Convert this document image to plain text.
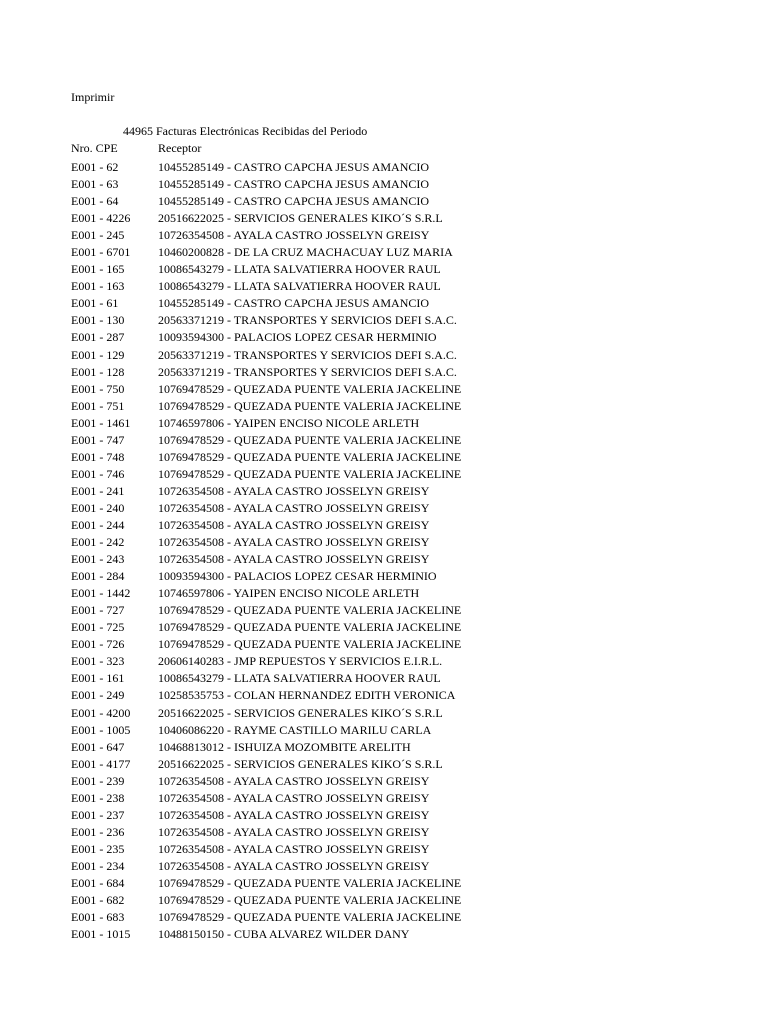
Imprimir
44965 Facturas Electrónicas Recibidas del Periodo
Nro. CPE	Receptor
E001 - 62	10455285149 - CASTRO CAPCHA JESUS AMANCIO
E001 - 63	10455285149 - CASTRO CAPCHA JESUS AMANCIO
E001 - 64	10455285149 - CASTRO CAPCHA JESUS AMANCIO
E001 - 4226 20516622025 - SERVICIOS GENERALES KIKO´S S.R.L
E001 - 245	10726354508 - AYALA CASTRO JOSSELYN GREISY
E001 - 6701 10460200828 - DE LA CRUZ MACHACUAY LUZ MARIA
E001 - 165	10086543279 - LLATA SALVATIERRA HOOVER RAUL
E001 - 163	10086543279 - LLATA SALVATIERRA HOOVER RAUL
E001 - 61	10455285149 - CASTRO CAPCHA JESUS AMANCIO
E001 - 130	20563371219 - TRANSPORTES Y SERVICIOS DEFI S.A.C.
E001 - 287	10093594300 - PALACIOS LOPEZ CESAR HERMINIO
E001 - 129	20563371219 - TRANSPORTES Y SERVICIOS DEFI S.A.C.
E001 - 128	20563371219 - TRANSPORTES Y SERVICIOS DEFI S.A.C.
E001 - 750	10769478529 - QUEZADA PUENTE VALERIA JACKELINE
E001 - 751	10769478529 - QUEZADA PUENTE VALERIA JACKELINE
E001 - 1461 10746597806 - YAIPEN ENCISO NICOLE ARLETH
E001 - 747	10769478529 - QUEZADA PUENTE VALERIA JACKELINE
E001 - 748	10769478529 - QUEZADA PUENTE VALERIA JACKELINE
E001 - 746	10769478529 - QUEZADA PUENTE VALERIA JACKELINE
E001 - 241	10726354508 - AYALA CASTRO JOSSELYN GREISY
E001 - 240	10726354508 - AYALA CASTRO JOSSELYN GREISY
E001 - 244	10726354508 - AYALA CASTRO JOSSELYN GREISY
E001 - 242	10726354508 - AYALA CASTRO JOSSELYN GREISY
E001 - 243	10726354508 - AYALA CASTRO JOSSELYN GREISY
E001 - 284	10093594300 - PALACIOS LOPEZ CESAR HERMINIO
E001 - 1442 10746597806 - YAIPEN ENCISO NICOLE ARLETH
E001 - 727	10769478529 - QUEZADA PUENTE VALERIA JACKELINE
E001 - 725	10769478529 - QUEZADA PUENTE VALERIA JACKELINE
E001 - 726	10769478529 - QUEZADA PUENTE VALERIA JACKELINE
E001 - 323	20606140283 - JMP REPUESTOS Y SERVICIOS E.I.R.L.
E001 - 161	10086543279 - LLATA SALVATIERRA HOOVER RAUL
E001 - 249	10258535753 - COLAN HERNANDEZ EDITH VERONICA
E001 - 4200 20516622025 - SERVICIOS GENERALES KIKO´S S.R.L
E001 - 1005 10406086220 - RAYME CASTILLO MARILU CARLA
E001 - 647	10468813012 - ISHUIZA MOZOMBITE ARELITH
E001 - 4177 20516622025 - SERVICIOS GENERALES KIKO´S S.R.L
E001 - 239	10726354508 - AYALA CASTRO JOSSELYN GREISY
E001 - 238	10726354508 - AYALA CASTRO JOSSELYN GREISY
E001 - 237	10726354508 - AYALA CASTRO JOSSELYN GREISY
E001 - 236	10726354508 - AYALA CASTRO JOSSELYN GREISY
E001 - 235	10726354508 - AYALA CASTRO JOSSELYN GREISY
E001 - 234	10726354508 - AYALA CASTRO JOSSELYN GREISY
E001 - 684	10769478529 - QUEZADA PUENTE VALERIA JACKELINE
E001 - 682	10769478529 - QUEZADA PUENTE VALERIA JACKELINE
E001 - 683	10769478529 - QUEZADA PUENTE VALERIA JACKELINE
E001 - 1015 10488150150 - CUBA ALVAREZ WILDER DANY
